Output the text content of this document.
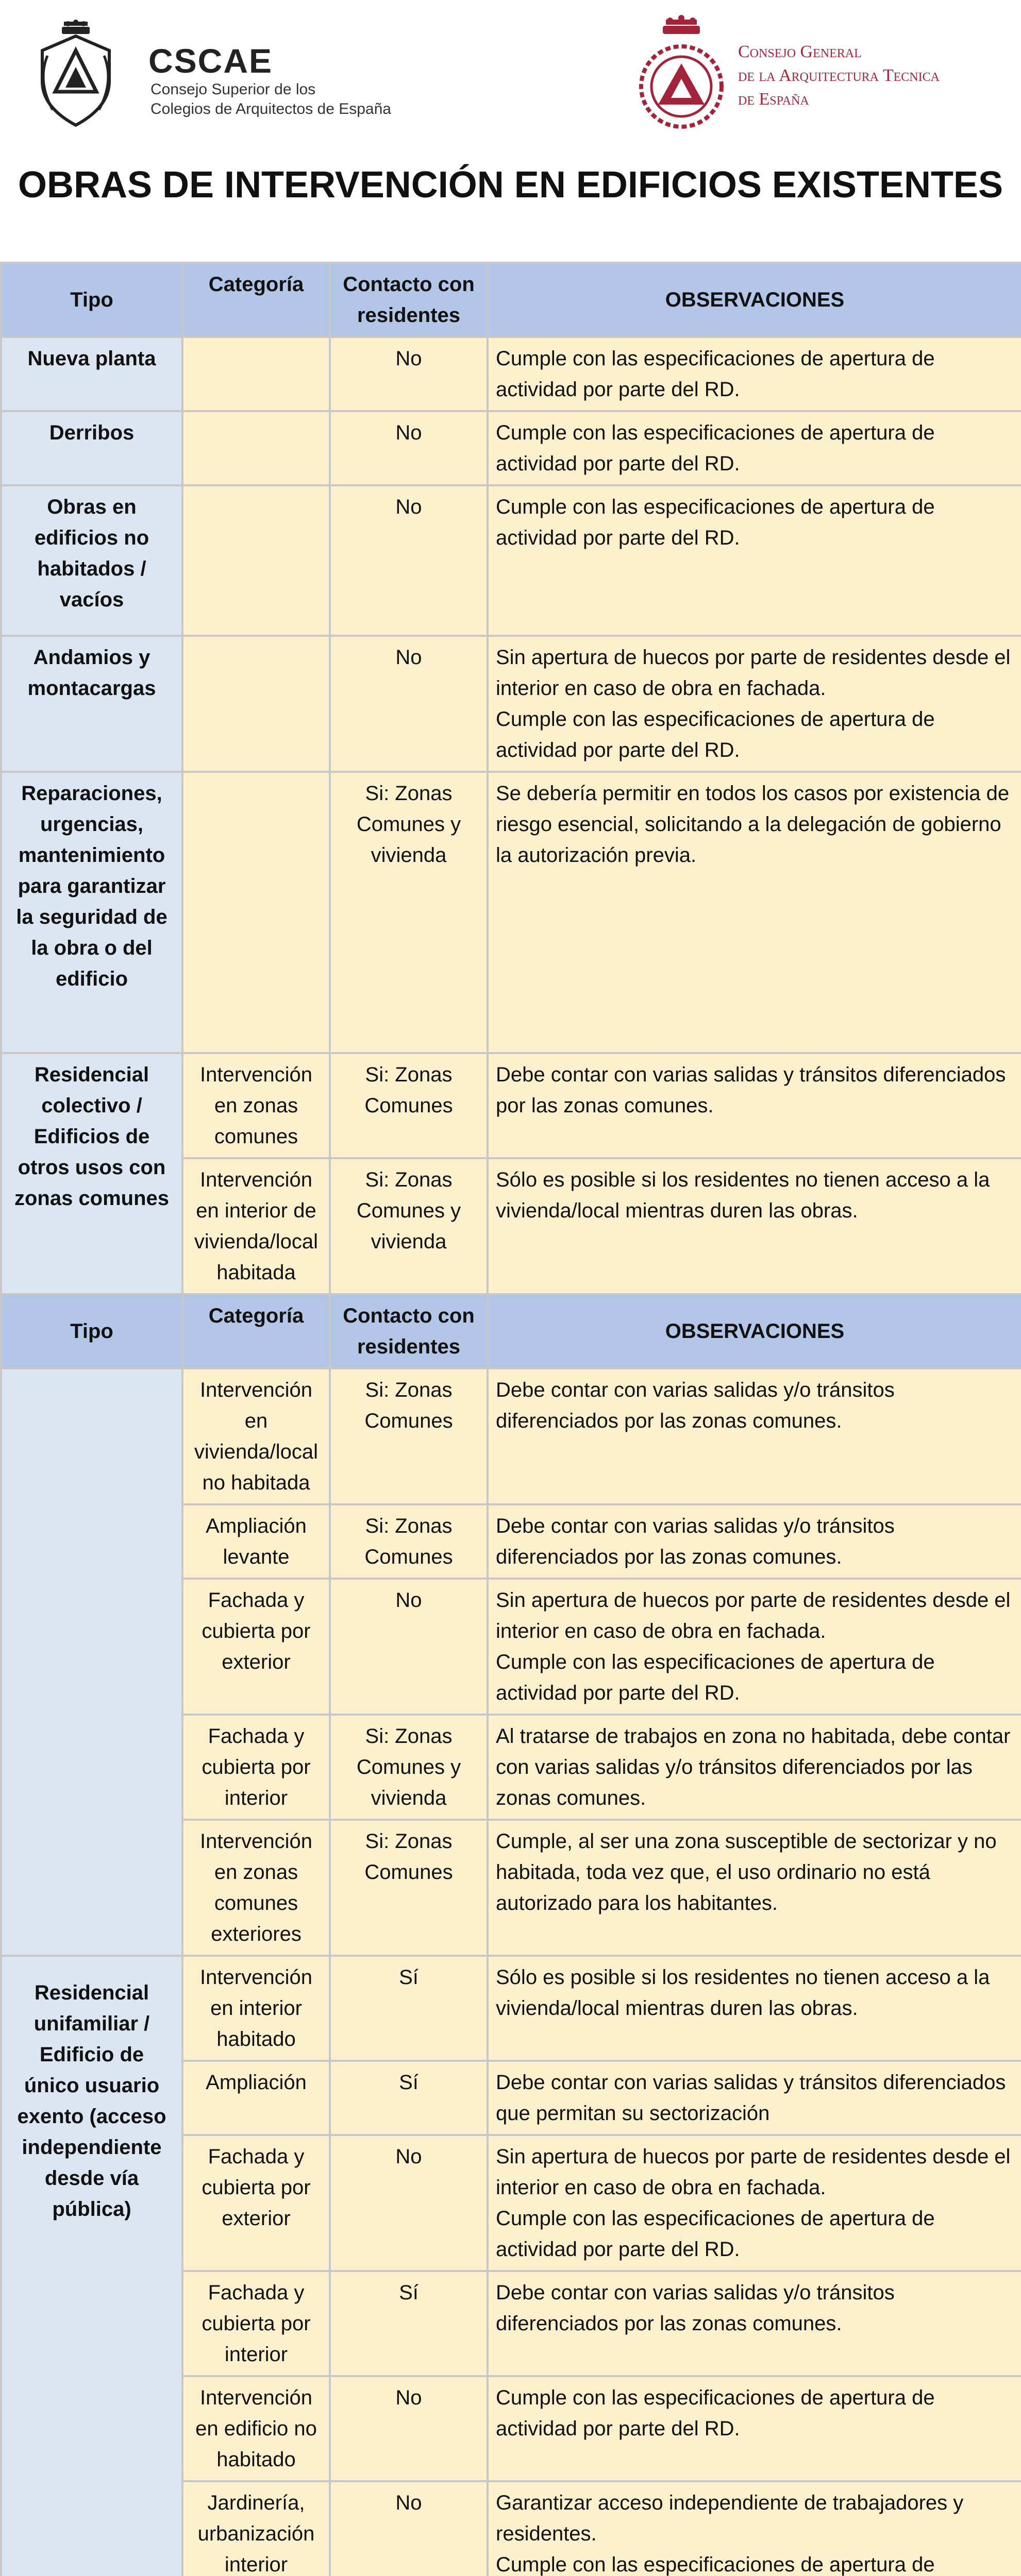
CSCAE
Consejo Superior de los
Colegios de Arquitectos de España
Consejo General
de la Arquitectura Tecnica
de España
OBRAS DE INTERVENCIÓN EN EDIFICIOS EXISTENTES
Tipo	Categoría	Contacto con residentes	OBSERVACIONES
Nueva planta		No	Cumple con las especificaciones de apertura de actividad por parte del RD.
Derribos		No	Cumple con las especificaciones de apertura de actividad por parte del RD.
Obras en edificios no habitados / vacíos		No	Cumple con las especificaciones de apertura de actividad por parte del RD.
Andamios y montacargas		No	Sin apertura de huecos por parte de residentes desde el interior en caso de obra en fachada.
Cumple con las especificaciones de apertura de actividad por parte del RD.

Reparaciones, urgencias, mantenimiento para garantizar la seguridad de la obra o del edificio		Si: Zonas Comunes y vivienda	Se debería permitir en todos los casos por existencia de riesgo esencial, solicitando a la delegación de gobierno la autorización previa.
Residencial colectivo / Edificios de otros usos con zonas comunes	Intervención en zonas comunes	Si: Zonas Comunes	Debe contar con varias salidas y tránsitos diferenciados por las zonas comunes.
	Intervención en interior de vivienda/local habitada	Si: Zonas Comunes y vivienda	Sólo es posible si los residentes no tienen acceso a la vivienda/local mientras duren las obras.
Tipo	Categoría	Contacto con residentes	OBSERVACIONES
	Intervención en vivienda/local no habitada	Si: Zonas Comunes	Debe contar con varias salidas y/o tránsitos diferenciados por las zonas comunes.
	Ampliación levante	Si: Zonas Comunes	Debe contar con varias salidas y/o tránsitos diferenciados por las zonas comunes.
	Fachada y cubierta por exterior	No	Sin apertura de huecos por parte de residentes desde el interior en caso de obra en fachada.
Cumple con las especificaciones de apertura de actividad por parte del RD.

	Fachada y cubierta por interior	Si: Zonas Comunes y vivienda	Al tratarse de trabajos en zona no habitada, debe contar con varias salidas y/o tránsitos diferenciados por las zonas comunes.
	Intervención en zonas comunes exteriores	Si: Zonas Comunes	Cumple, al ser una zona susceptible de sectorizar y no habitada, toda vez que, el uso ordinario no está autorizado para los habitantes.
Residencial unifamiliar / Edificio de único usuario exento (acceso independiente desde vía pública)	Intervención en interior habitado	Sí	Sólo es posible si los residentes no tienen acceso a la vivienda/local mientras duren las obras.
	Ampliación	Sí	Debe contar con varias salidas y tránsitos diferenciados que permitan su sectorización
	Fachada y cubierta por exterior	No	Sin apertura de huecos por parte de residentes desde el interior en caso de obra en fachada.
Cumple con las especificaciones de apertura de actividad por parte del RD.

	Fachada y cubierta por interior	Sí	Debe contar con varias salidas y/o tránsitos diferenciados por las zonas comunes.
	Intervención en edificio no habitado	No	Cumple con las especificaciones de apertura de actividad por parte del RD.
	Jardinería, urbanización interior	No	Garantizar acceso independiente de trabajadores y residentes.
Cumple con las especificaciones de apertura de
